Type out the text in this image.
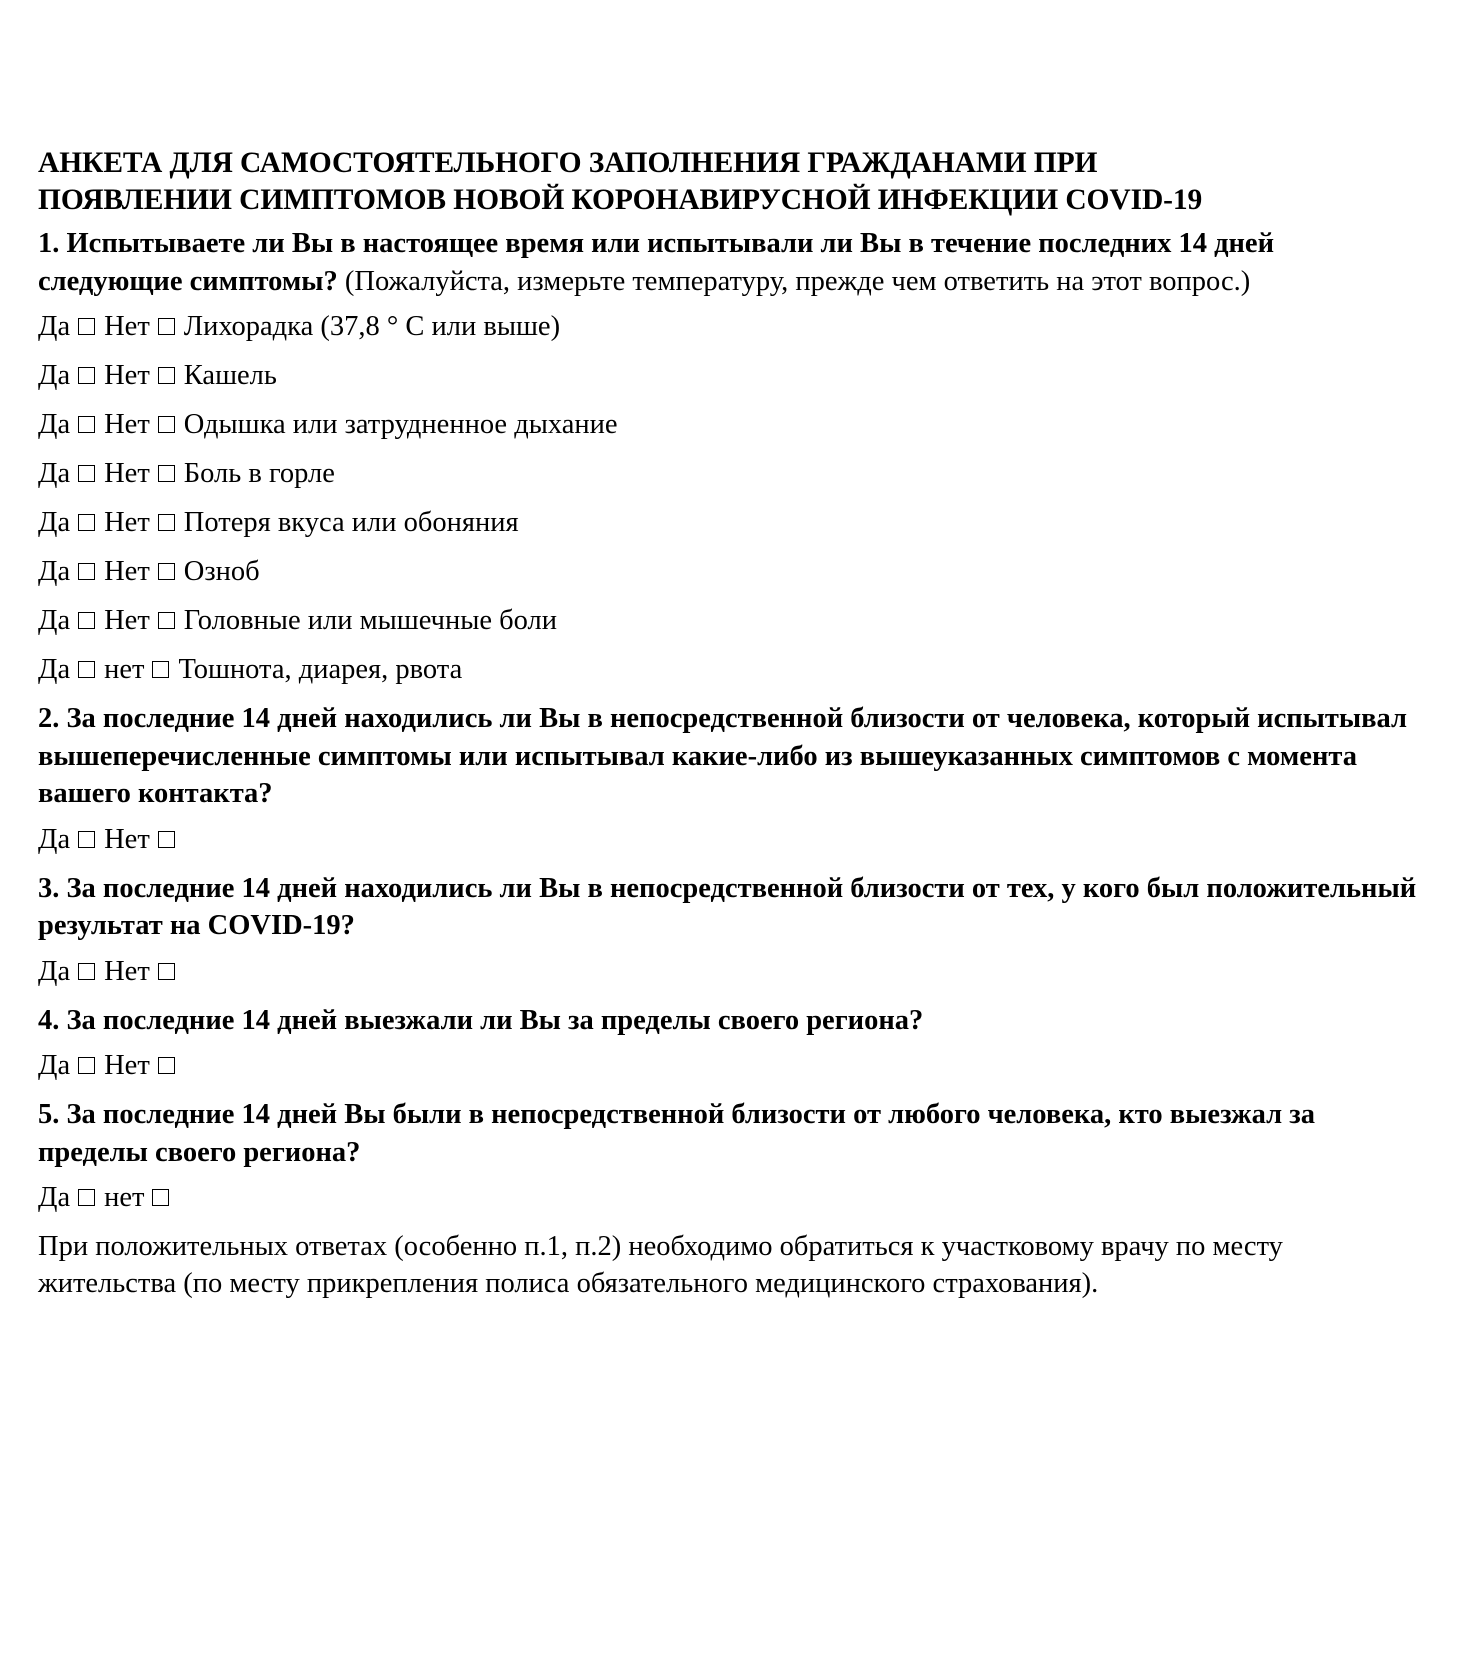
АНКЕТА ДЛЯ САМОСТОЯТЕЛЬНОГО ЗАПОЛНЕНИЯ ГРАЖДАНАМИ ПРИ
ПОЯВЛЕНИИ СИМПТОМОВ НОВОЙ КОРОНАВИРУСНОЙ ИНФЕКЦИИ COVID-19
1. Испытываете ли Вы в настоящее время или испытывали ли Вы в течение последних 14 дней следующие симптомы? (Пожалуйста, измерьте температуру, прежде чем ответить на этот вопрос.)
Да Нет Лихорадка (37,8 ° С или выше)
Да Нет Кашель
Да Нет Одышка или затрудненное дыхание
Да Нет Боль в горле
Да Нет Потеря вкуса или обоняния
Да Нет Озноб
Да Нет Головные или мышечные боли
Да нет Тошнота, диарея, рвота
2. За последние 14 дней находились ли Вы в непосредственной близости от человека, который испытывал вышеперечисленные симптомы или испытывал какие-либо из вышеуказанных симптомов с момента вашего контакта?
Да Нет
3. За последние 14 дней находились ли Вы в непосредственной близости от тех, у кого был положительный результат на COVID-19?
Да Нет
4. За последние 14 дней выезжали ли Вы за пределы своего региона?
Да Нет
5. За последние 14 дней Вы были в непосредственной близости от любого человека, кто выезжал за пределы своего региона?
Да нет
При положительных ответах (особенно п.1, п.2) необходимо обратиться к участковому врачу по месту жительства (по месту прикрепления полиса обязательного медицинского страхования).
